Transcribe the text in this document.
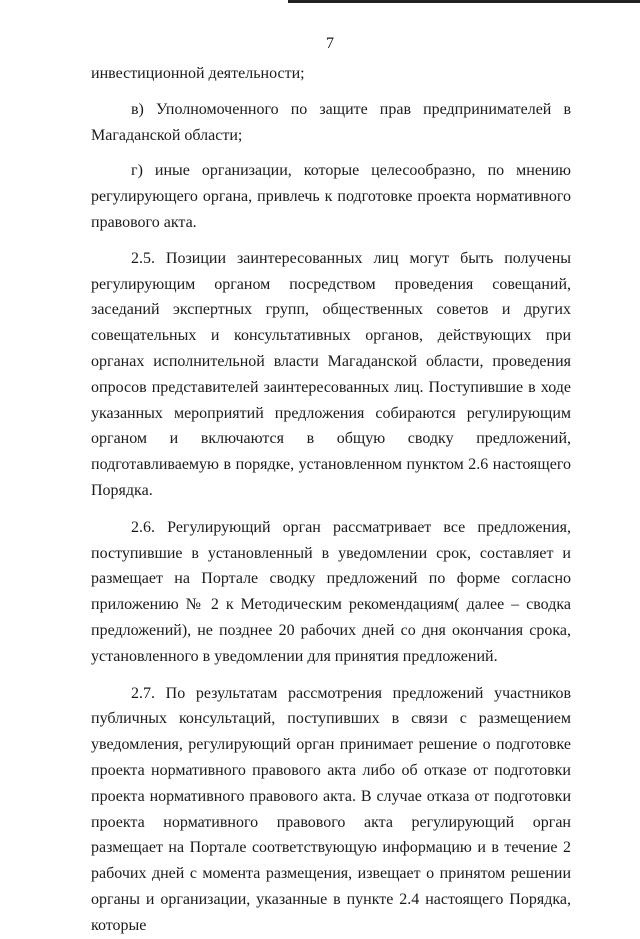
7

инвестиционной деятельности;

в) Уполномоченного по защите прав предпринимателей в Магаданской области;

г) иные организации, которые целесообразно, по мнению регулирующего органа, привлечь к подготовке проекта нормативного правового акта.

2.5. Позиции заинтересованных лиц могут быть получены регулирующим органом посредством проведения совещаний, заседаний экспертных групп, общественных советов и других совещательных и консультативных органов, действующих при органах исполнительной власти Магаданской области, проведения опросов представителей заинтересованных лиц. Поступившие в ходе указанных мероприятий предложения собираются регулирующим органом и включаются в общую сводку предложений, подготавливаемую в порядке, установленном пунктом 2.6 настоящего Порядка.

2.6. Регулирующий орган рассматривает все предложения, поступившие в установленный в уведомлении срок, составляет и размещает на Портале сводку предложений по форме согласно приложению № 2 к Методическим рекомендациям( далее – сводка предложений), не позднее 20 рабочих дней со дня окончания срока, установленного в уведомлении для принятия предложений.

2.7. По результатам рассмотрения предложений участников публичных консультаций, поступивших в связи с размещением уведомления, регулирующий орган принимает решение о подготовке проекта нормативного правового акта либо об отказе от подготовки проекта нормативного правового акта. В случае отказа от подготовки проекта нормативного правового акта регулирующий орган размещает на Портале соответствующую информацию и в течение 2 рабочих дней с момента размещения, извещает о принятом решении органы и организации, указанные в пункте 2.4 настоящего Порядка, которые
